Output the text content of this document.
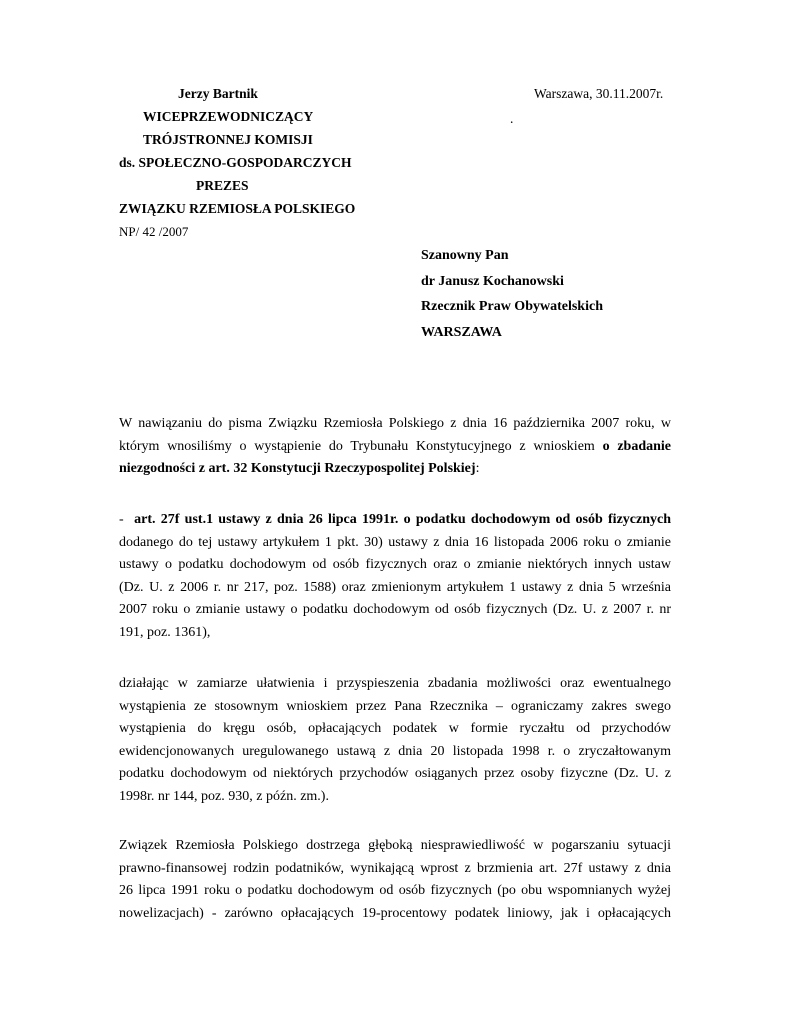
Jerzy Bartnik
WICEPRZEWODNICZĄCY
TRÓJSTRONNEJ KOMISJI
ds. SPOŁECZNO-GOSPODARCZYCH
PREZES
ZWIĄZKU RZEMIOSŁA POLSKIEGO
NP/ 42 /2007
Warszawa, 30.11.2007r.
.
Szanowny Pan
dr Janusz Kochanowski
Rzecznik Praw Obywatelskich
WARSZAWA
W nawiązaniu do pisma Związku Rzemiosła Polskiego z dnia 16 października 2007 roku, w
którym wnosiliśmy o wystąpienie do Trybunału Konstytucyjnego z wnioskiem o zbadanie
niezgodności z art. 32 Konstytucji Rzeczypospolitej Polskiej:
-  art. 27f ust.1 ustawy z dnia 26 lipca 1991r. o podatku dochodowym od osób fizycznych
dodanego do tej ustawy artykułem 1 pkt. 30) ustawy z dnia 16 listopada 2006 roku o zmianie
ustawy o podatku dochodowym od osób fizycznych oraz o zmianie niektórych innych ustaw
(Dz. U. z 2006 r. nr 217, poz. 1588) oraz zmienionym artykułem 1 ustawy z dnia 5 września
2007 roku o zmianie ustawy o podatku dochodowym od osób fizycznych (Dz. U. z 2007 r. nr
191, poz. 1361),
działając w zamiarze ułatwienia i przyspieszenia zbadania możliwości oraz ewentualnego
wystąpienia ze stosownym wnioskiem przez Pana Rzecznika – ograniczamy zakres swego
wystąpienia do kręgu osób, opłacających podatek w formie ryczałtu od przychodów
ewidencjonowanych uregulowanego ustawą z dnia 20 listopada 1998 r. o zryczałtowanym
podatku dochodowym od niektórych przychodów osiąganych przez osoby fizyczne (Dz. U. z
1998r. nr 144, poz. 930, z późn. zm.).
Związek Rzemiosła Polskiego dostrzega głęboką niesprawiedliwość w pogarszaniu sytuacji
prawno-finansowej rodzin podatników, wynikającą wprost z brzmienia art. 27f ustawy z dnia
26 lipca 1991 roku o podatku dochodowym od osób fizycznych (po obu wspomnianych wyżej
nowelizacjach) - zarówno opłacających 19-procentowy podatek liniowy, jak i opłacających
